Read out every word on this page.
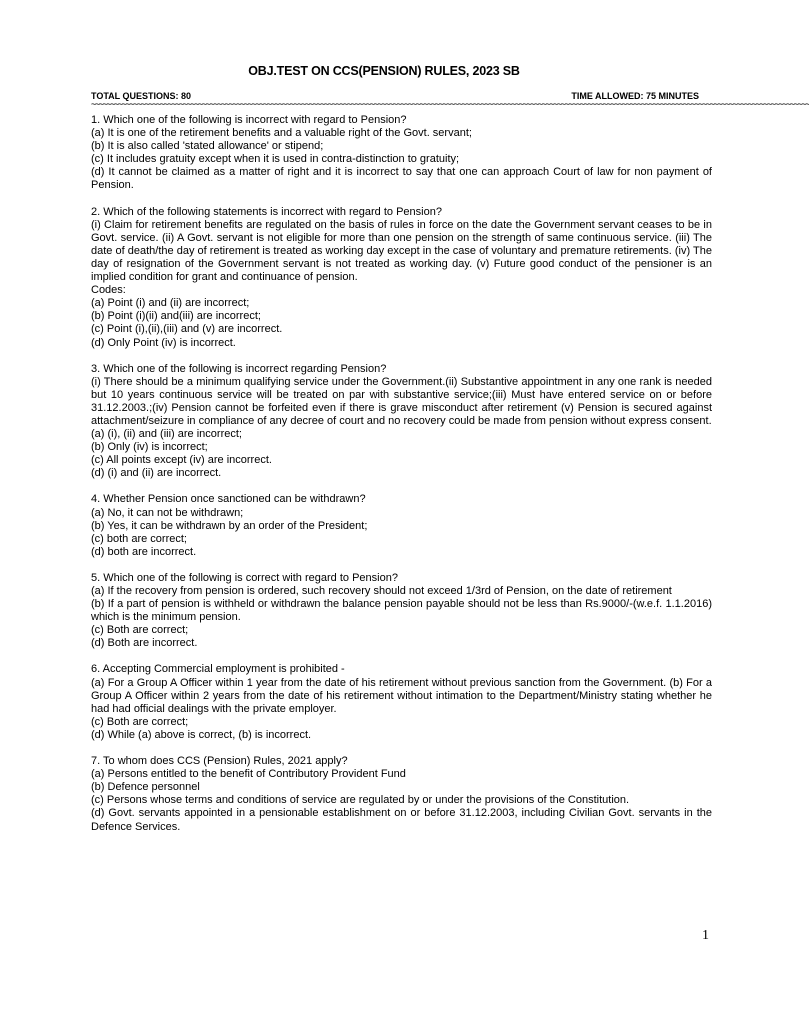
OBJ.TEST ON CCS(PENSION) RULES, 2023 SB
TOTAL QUESTIONS: 80	TIME ALLOWED: 75 MINUTES
~~~~~~~~~~~~~~~~~~~~~~~~~~~~~~~~~~~~~~~~~~~~~~~~~~~~~~~~~~~~~~~~~~~~~~~~~~~~~~~~~~~~~~~~~~~~~~~~~~~~~~~~~~~~~~~~~~~~~~~~~~~~~~~~~~~~~~~~~~~~~~~~~~~~~~~~~~~~~~~~~~~~~~~~~~~~~~~~~~~~~~~~~~~~

1. Which one of the following is incorrect with regard to Pension?

(a) It is one of the retirement benefits and a valuable right of the Govt. servant;

(b) It is also called 'stated allowance' or stipend;

(c) It includes gratuity except when it is used in contra-distinction to gratuity;

(d) It cannot be claimed as a matter of right and it is incorrect to say that one can approach Court of law for non payment of Pension.

2. Which of the following statements is incorrect with regard to Pension?

(i) Claim for retirement benefits are regulated on the basis of rules in force on the date the Government servant ceases to be in Govt. service. (ii) A Govt. servant is not eligible for more than one pension on the strength of same continuous service. (iii) The date of death/the day of retirement is treated as working day except in the case of voluntary and premature retirements. (iv) The day of resignation of the Government servant is not treated as working day. (v) Future good conduct of the pensioner is an implied condition for grant and continuance of pension.

Codes:

(a) Point (i) and (ii) are incorrect;

(b) Point (i)(ii) and(iii) are incorrect;

(c) Point (i),(ii),(iii) and (v) are incorrect.

(d) Only Point (iv) is incorrect.

3. Which one of the following is incorrect regarding Pension?

(i) There should be a minimum qualifying service under the Government.(ii) Substantive appointment in any one rank is needed but 10 years continuous service will be treated on par with substantive service;(iii) Must have entered service on or before 31.12.2003.;(iv) Pension cannot be forfeited even if there is grave misconduct after retirement (v) Pension is secured against attachment/seizure in compliance of any decree of court and no recovery could be made from pension without express consent.

(a) (i), (ii) and (iii) are incorrect;

(b) Only (iv) is incorrect;

(c) All points except (iv) are incorrect.

(d) (i) and (ii) are incorrect.

4. Whether Pension once sanctioned can be withdrawn?

(a) No, it can not be withdrawn;

(b) Yes, it can be withdrawn by an order of the President;

(c) both are correct;

(d) both are incorrect.

5. Which one of the following is correct with regard to Pension?

(a) If the recovery from pension is ordered, such recovery should not exceed 1/3rd of Pension, on the date of retirement

(b) If a part of pension is withheld or withdrawn the balance pension payable should not be less than Rs.9000/-(w.e.f. 1.1.2016) which is the minimum pension.

(c) Both are correct;

(d) Both are incorrect.

6. Accepting Commercial employment is prohibited -

(a) For a Group A Officer within 1 year from the date of his retirement without previous sanction from the Government. (b) For a Group A Officer within 2 years from the date of his retirement without intimation to the Department/Ministry stating whether he had had official dealings with the private employer.

(c) Both are correct;

(d) While (a) above is correct, (b) is incorrect.

7. To whom does CCS (Pension) Rules, 2021 apply?

(a) Persons entitled to the benefit of Contributory Provident Fund

(b) Defence personnel

(c) Persons whose terms and conditions of service are regulated by or under the provisions of the Constitution.

(d) Govt. servants appointed in a pensionable establishment on or before 31.12.2003, including Civilian Govt. servants in the Defence Services.

1
